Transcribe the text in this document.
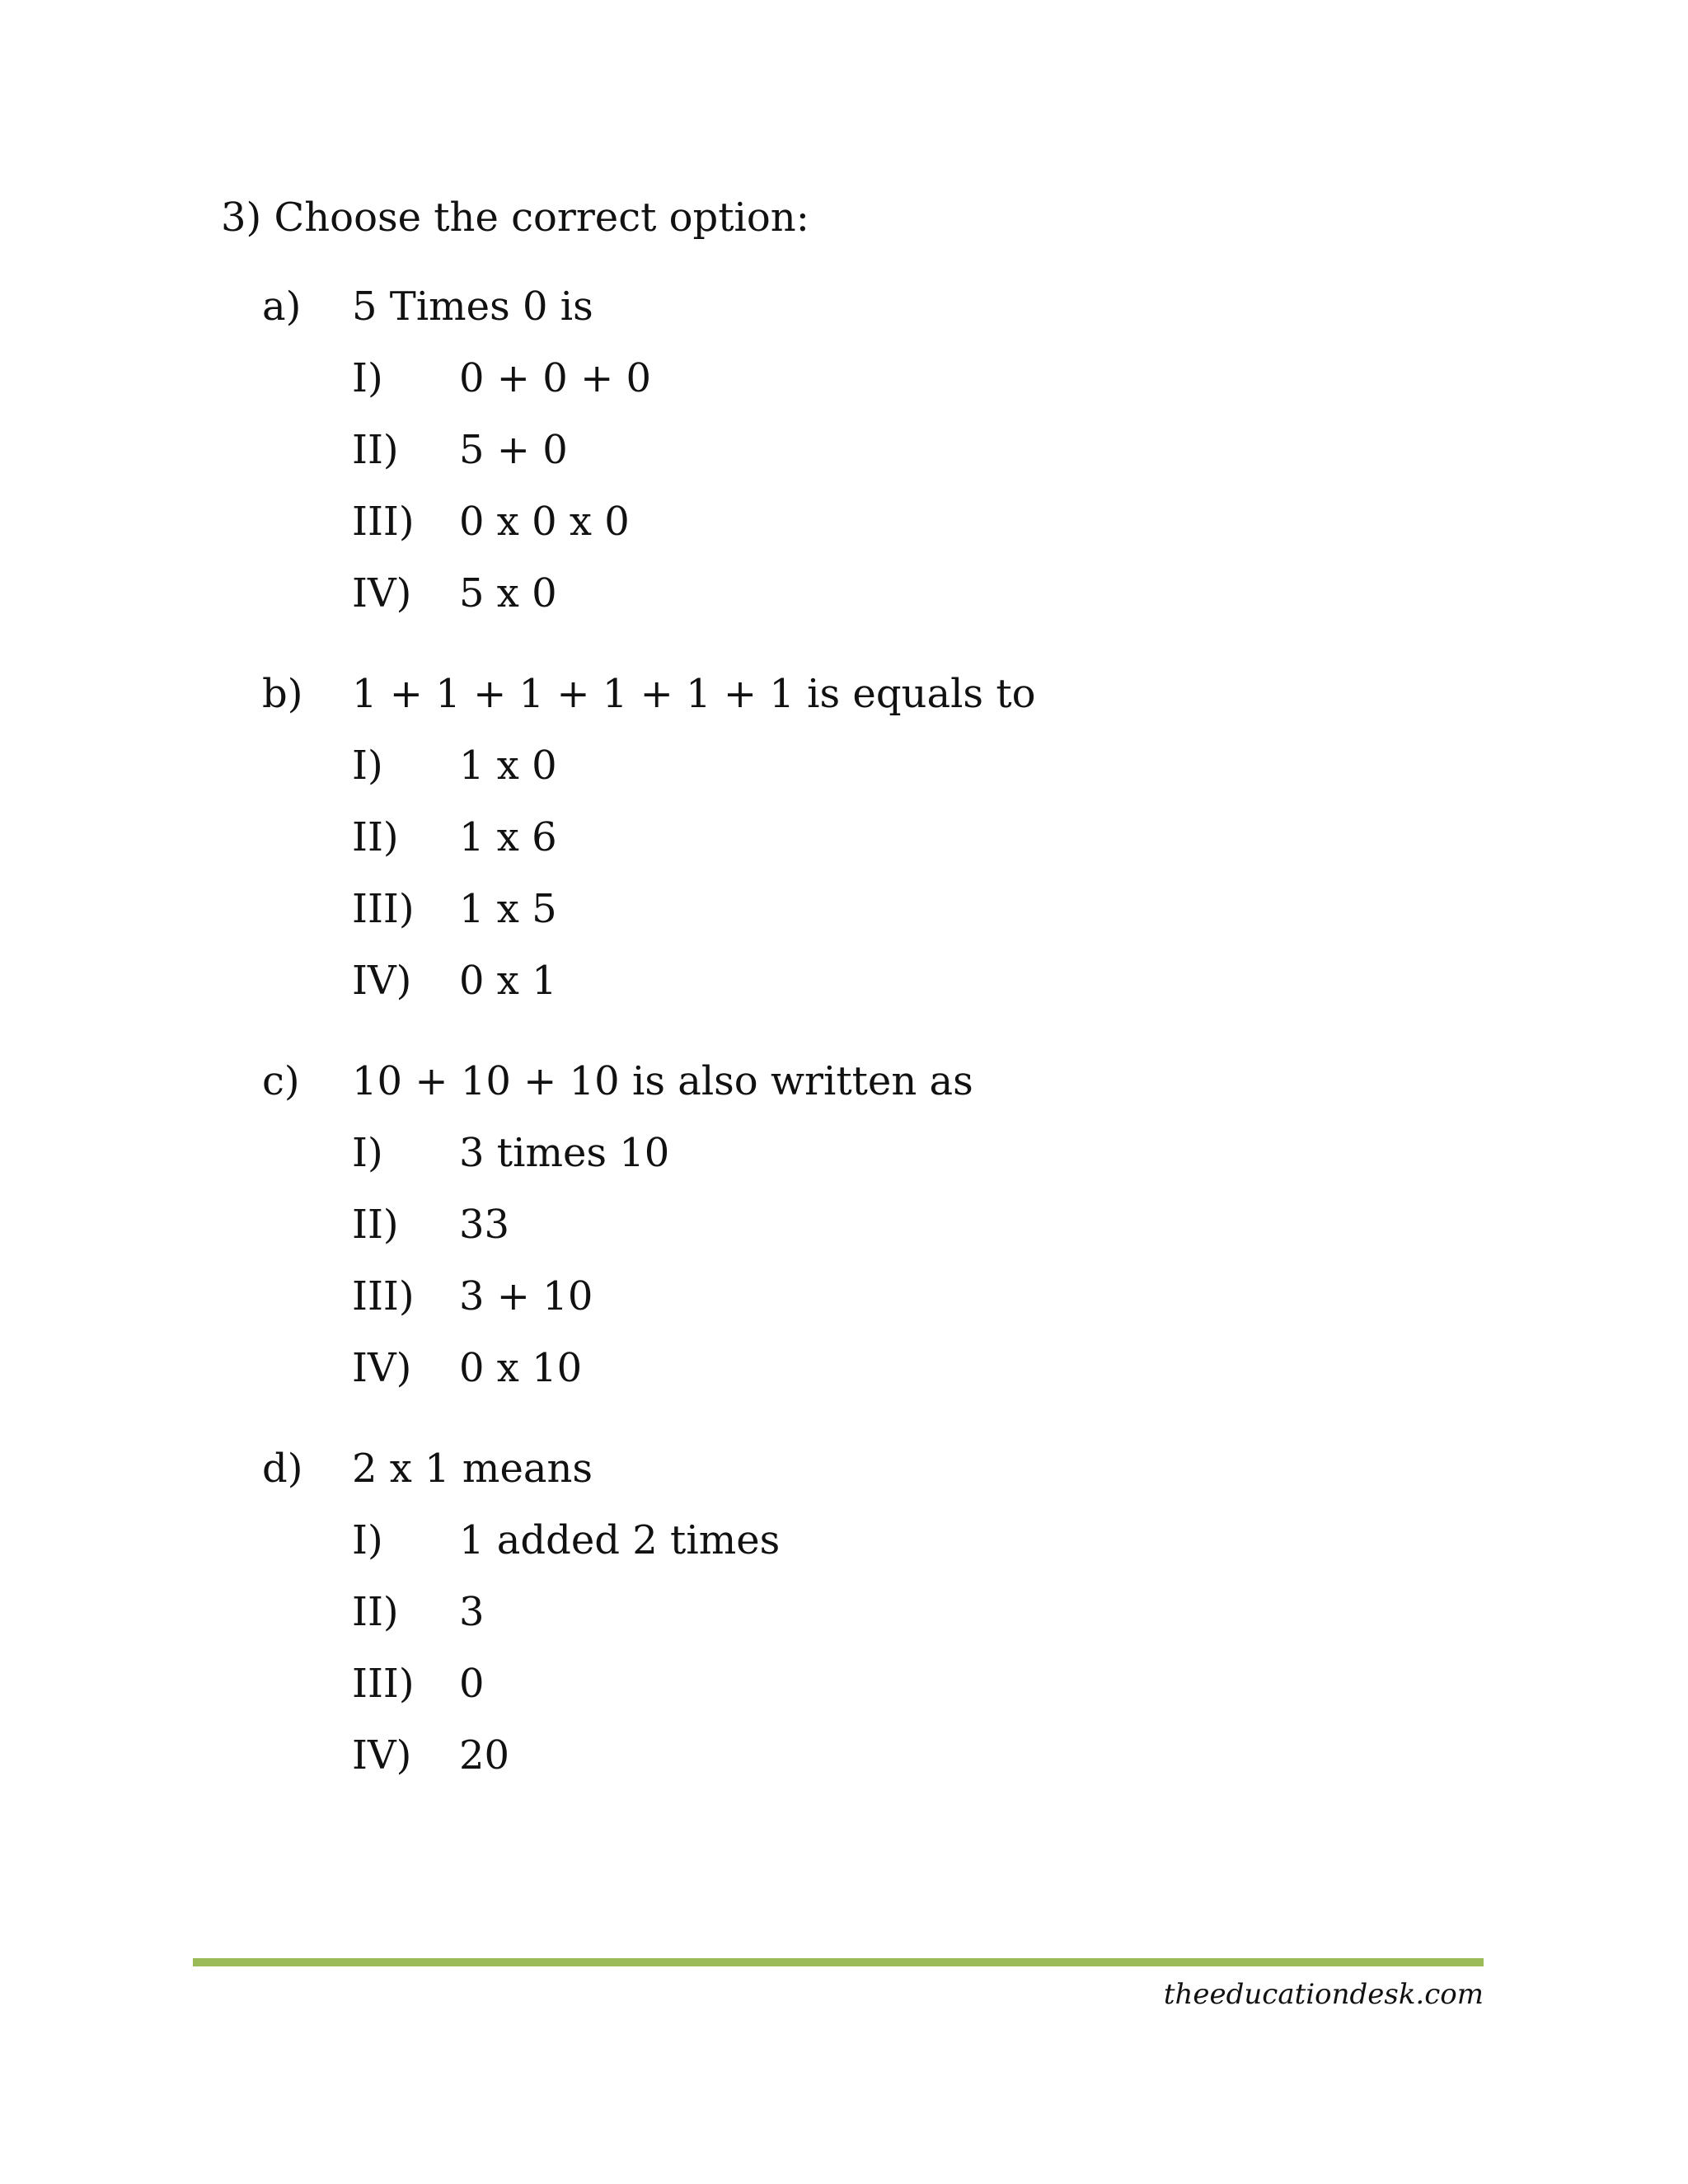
3) Choose the correct option:
a) 5 Times 0 is
I) 0 + 0 + 0
II) 5 + 0
III) 0 x 0 x 0
IV) 5 x 0
b) 1 + 1 + 1 + 1 + 1 + 1 is equals to
I) 1 x 0
II) 1 x 6
III) 1 x 5
IV) 0 x 1
c) 10 + 10 + 10 is also written as
I) 3 times 10
II) 33
III) 3 + 10
IV) 0 x 10
d) 2 x 1 means
I) 1 added 2 times
II) 3
III) 0
IV) 20
theeducationdesk.com
